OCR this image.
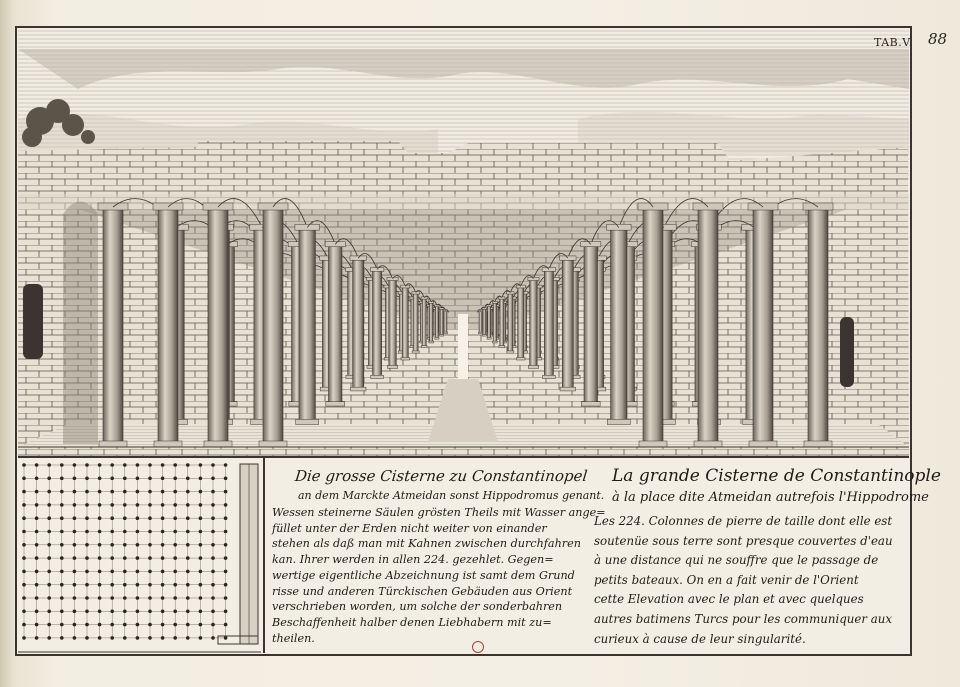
88
TAB.V.
Die grosse Cisterne zu Constantinopel
an dem Marckte Atmeidan sonst Hippodromus genant.
Wessen steinerne Säulen grösten Theils mit Wasser ange=
füllet unter der Erden nicht weiter von einander
stehen als daß man mit Kahnen zwischen durchfahren
kan. Ihrer werden in allen 224. gezehlet. Gegen=
wertige eigentliche Abzeichnung ist samt dem Grund
risse und anderen Türckischen Gebäuden aus Orient
verschrieben worden, um solche der sonderbahren
Beschaffenheit halber denen Liebhabern mit zu=
theilen.
La grande Cisterne de Constantinople
à la place dite Atmeidan autrefois l'Hippodrome
Les 224. Colonnes de pierre de taille dont elle est
soutenüe sous terre sont presque couvertes d'eau
à une distance qui ne souffre que le passage de
petits bateaux. On en a fait venir de l'Orient
cette Elevation avec le plan et avec quelques
autres batimens Turcs pour les communiquer aux
curieux à cause de leur singularité.
